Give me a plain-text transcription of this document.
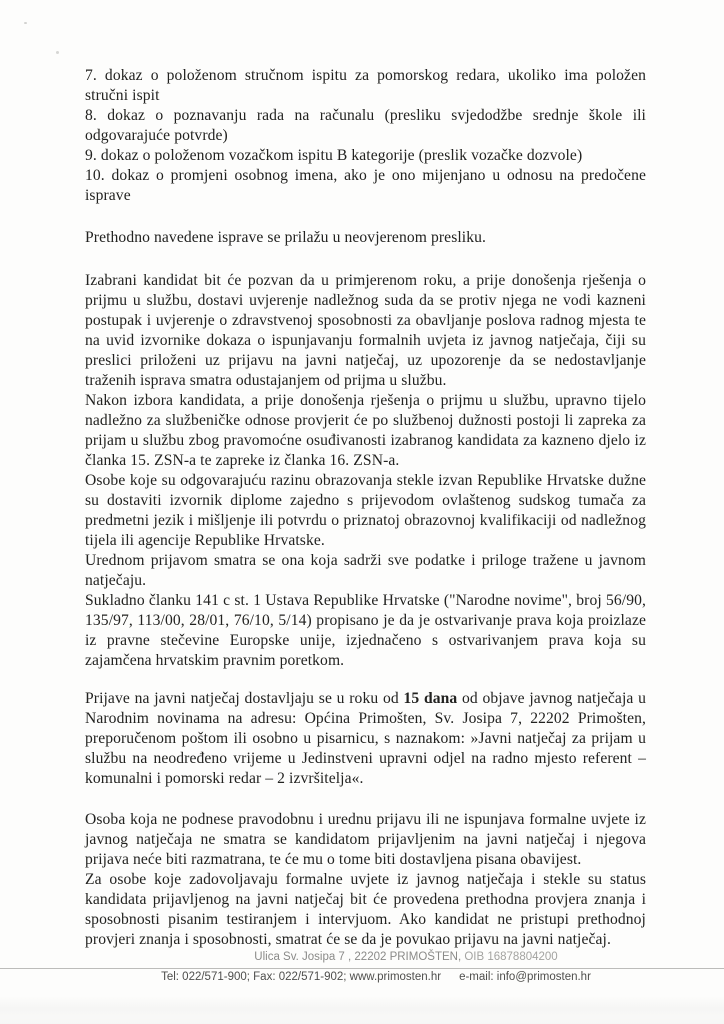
7. dokaz o položenom stručnom ispitu za pomorskog redara, ukoliko ima položen stručni ispit

8. dokaz o poznavanju rada na računalu (presliku svjedodžbe srednje škole ili odgovarajuće potvrde)

9. dokaz o položenom vozačkom ispitu B kategorije (preslik vozačke dozvole)

10. dokaz o promjeni osobnog imena, ako je ono mijenjano u odnosu na predočene isprave

Prethodno navedene isprave se prilažu u neovjerenom presliku.

Izabrani kandidat bit će pozvan da u primjerenom roku, a prije donošenja rješenja o prijmu u službu, dostavi uvjerenje nadležnog suda da se protiv njega ne vodi kazneni postupak i uvjerenje o zdravstvenoj sposobnosti za obavljanje poslova radnog mjesta te na uvid izvornike dokaza o ispunjavanju formalnih uvjeta iz javnog natječaja, čiji su preslici priloženi uz prijavu na javni natječaj, uz upozorenje da se nedostavljanje traženih isprava smatra odustajanjem od prijma u službu.

Nakon izbora kandidata, a prije donošenja rješenja o prijmu u službu, upravno tijelo nadležno za službeničke odnose provjerit će po službenoj dužnosti postoji li zapreka za prijam u službu zbog pravomoćne osuđivanosti izabranog kandidata za kazneno djelo iz članka 15. ZSN-a te zapreke iz članka 16. ZSN-a.

Osobe koje su odgovarajuću razinu obrazovanja stekle izvan Republike Hrvatske dužne su dostaviti izvornik diplome zajedno s prijevodom ovlaštenog sudskog tumača za predmetni jezik i mišljenje ili potvrdu o priznatoj obrazovnoj kvalifikaciji od nadležnog tijela ili agencije Republike Hrvatske.

Urednom prijavom smatra se ona koja sadrži sve podatke i priloge tražene u javnom natječaju.

Sukladno članku 141 c st. 1 Ustava Republike Hrvatske ("Narodne novime", broj 56/90, 135/97, 113/00, 28/01, 76/10, 5/14) propisano je da je ostvarivanje prava koja proizlaze iz pravne stečevine Europske unije, izjednačeno s ostvarivanjem prava koja su zajamčena hrvatskim pravnim poretkom.

Prijave na javni natječaj dostavljaju se u roku od 15 dana od objave javnog natječaja u Narodnim novinama na adresu: Općina Primošten, Sv. Josipa 7, 22202 Primošten, preporučenom poštom ili osobno u pisarnicu, s naznakom: »Javni natječaj za prijam u službu na neodređeno vrijeme u Jedinstveni upravni odjel na radno mjesto referent – komunalni i pomorski redar – 2 izvršitelja«.

Osoba koja ne podnese pravodobnu i urednu prijavu ili ne ispunjava formalne uvjete iz javnog natječaja ne smatra se kandidatom prijavljenim na javni natječaj i njegova prijava neće biti razmatrana, te će mu o tome biti dostavljena pisana obavijest.

Za osobe koje zadovoljavaju formalne uvjete iz javnog natječaja i stekle su status kandidata prijavljenog na javni natječaj bit će provedena prethodna provjera znanja i sposobnosti pisanim testiranjem i intervjuom. Ako kandidat ne pristupi prethodnoj provjeri znanja i sposobnosti, smatrat će se da je povukao prijavu na javni natječaj.

Ulica Sv. Josipa 7 , 22202 PRIMOŠTEN, OIB 16878804200
Tel: 022/571-900; Fax: 022/571-902; www.primosten.hr e-mail: info@primosten.hr
